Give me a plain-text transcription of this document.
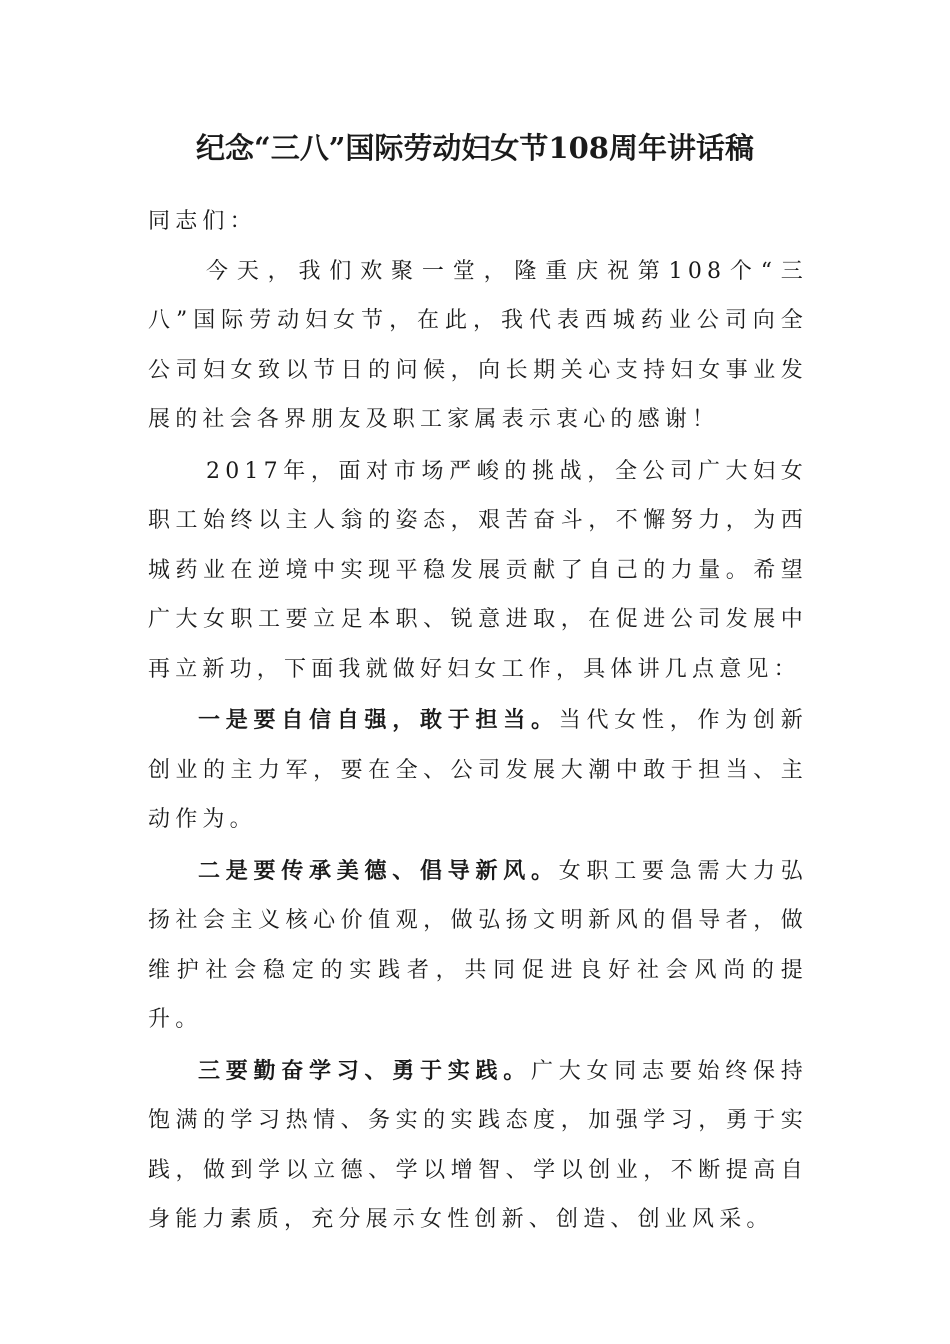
纪念“三八”国际劳动妇女节108周年讲话稿

同志们：

今天，我们欢聚一堂，隆重庆祝第108个“三八”国际劳动妇女节，在此，我代表西城药业公司向全公司妇女致以节日的问候，向长期关心支持妇女事业发展的社会各界朋友及职工家属表示衷心的感谢！

2017年，面对市场严峻的挑战，全公司广大妇女职工始终以主人翁的姿态，艰苦奋斗，不懈努力，为西城药业在逆境中实现平稳发展贡献了自己的力量。希望广大女职工要立足本职、锐意进取，在促进公司发展中再立新功，下面我就做好妇女工作，具体讲几点意见：

一是要自信自强，敢于担当。当代女性，作为创新创业的主力军，要在全、公司发展大潮中敢于担当、主动作为。

二是要传承美德、倡导新风。女职工要急需大力弘扬社会主义核心价值观，做弘扬文明新风的倡导者，做维护社会稳定的实践者，共同促进良好社会风尚的提升。

三要勤奋学习、勇于实践。广大女同志要始终保持饱满的学习热情、务实的实践态度，加强学习，勇于实践，做到学以立德、学以增智、学以创业，不断提高自身能力素质，充分展示女性创新、创造、创业风采。
